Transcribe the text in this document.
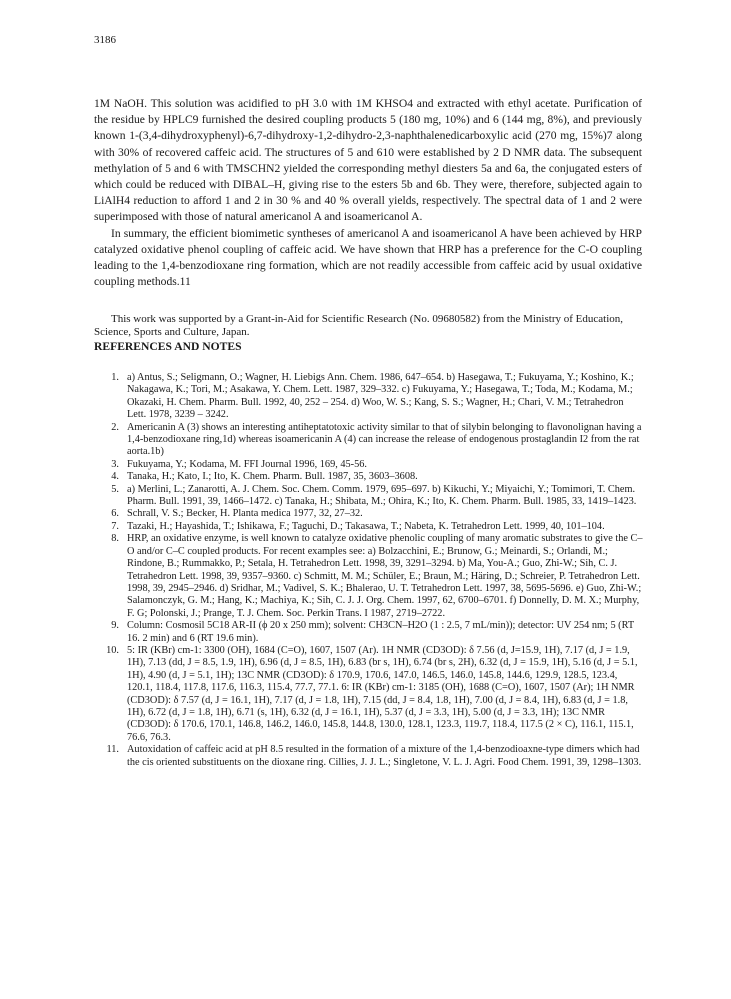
3186

1M NaOH. This solution was acidified to pH 3.0 with 1M KHSO4 and extracted with ethyl acetate. Purification of the residue by HPLC9 furnished the desired coupling products 5 (180 mg, 10%) and 6 (144 mg, 8%), and previously known 1-(3,4-dihydroxyphenyl)-6,7-dihydroxy-1,2-dihydro-2,3-naphthalenedicarboxylic acid (270 mg, 15%)7 along with 30% of recovered caffeic acid. The structures of 5 and 610 were established by 2 D NMR data. The subsequent methylation of 5 and 6 with TMSCHN2 yielded the corresponding methyl diesters 5a and 6a, the conjugated esters of which could be reduced with DIBAL–H, giving rise to the esters 5b and 6b. They were, therefore, subjected again to LiAlH4 reduction to afford 1 and 2 in 30 % and 40 % overall yields, respectively. The spectral data of 1 and 2 were superimposed with those of natural americanol A and isoamericanol A.

In summary, the efficient biomimetic syntheses of americanol A and isoamericanol A have been achieved by HRP catalyzed oxidative phenol coupling of caffeic acid. We have shown that HRP has a preference for the C-O coupling leading to the 1,4-benzodioxane ring formation, which are not readily accessible from caffeic acid by usual oxidative coupling methods.11

This work was supported by a Grant-in-Aid for Scientific Research (No. 09680582) from the Ministry of Education, Science, Sports and Culture, Japan.

REFERENCES AND NOTES
1. a) Antus, S.; Seligmann, O.; Wagner, H. Liebigs Ann. Chem. 1986, 647–654. b) Hasegawa, T.; Fukuyama, Y.; Koshino, K.; Nakagawa, K.; Tori, M.; Asakawa, Y. Chem. Lett. 1987, 329–332. c) Fukuyama, Y.; Hasegawa, T.; Toda, M.; Kodama, M.; Okazaki, H. Chem. Pharm. Bull. 1992, 40, 252 – 254. d) Woo, W. S.; Kang, S. S.; Wagner, H.; Chari, V. M.; Tetrahedron Lett. 1978, 3239 – 3242.
2. Americanin A (3) shows an interesting antiheptatotoxic activity similar to that of silybin belonging to flavonolignan having a 1,4-benzodioxane ring,1d) whereas isoamericanin A (4) can increase the release of endogenous prostaglandin I2 from the rat aorta.1b)
3. Fukuyama, Y.; Kodama, M. FFI Journal 1996, 169, 45-56.
4. Tanaka, H.; Kato, I.; Ito, K. Chem. Pharm. Bull. 1987, 35, 3603–3608.
5. a) Merlini, L.; Zanarotti, A. J. Chem. Soc. Chem. Comm. 1979, 695–697. b) Kikuchi, Y.; Miyaichi, Y.; Tomimori, T. Chem. Pharm. Bull. 1991, 39, 1466–1472. c) Tanaka, H.; Shibata, M.; Ohira, K.; Ito, K. Chem. Pharm. Bull. 1985, 33, 1419–1423.
6. Schrall, V. S.; Becker, H. Planta medica 1977, 32, 27–32.
7. Tazaki, H.; Hayashida, T.; Ishikawa, F.; Taguchi, D.; Takasawa, T.; Nabeta, K. Tetrahedron Lett. 1999, 40, 101–104.
8. HRP, an oxidative enzyme, is well known to catalyze oxidative phenolic coupling of many aromatic substrates to give the C–O and/or C–C coupled products. For recent examples see: a) Bolzacchini, E.; Brunow, G.; Meinardi, S.; Orlandi, M.; Rindone, B.; Rummakko, P.; Setala, H. Tetrahedron Lett. 1998, 39, 3291–3294. b) Ma, You-A.; Guo, Zhi-W.; Sih, C. J. Tetrahedron Lett. 1998, 39, 9357–9360. c) Schmitt, M. M.; Schüler, E.; Braun, M.; Häring, D.; Schreier, P. Tetrahedron Lett. 1998, 39, 2945–2946. d) Sridhar, M.; Vadivel, S. K.; Bhalerao, U. T. Tetrahedron Lett. 1997, 38, 5695-5696. e) Guo, Zhi-W.; Salamonczyk, G. M.; Hang, K.; Machiya, K.; Sih, C. J. J. Org. Chem. 1997, 62, 6700–6701. f) Donnelly, D. M. X.; Murphy, F. G; Polonski, J.; Prange, T. J. Chem. Soc. Perkin Trans. I 1987, 2719–2722.
9. Column: Cosmosil 5C18 AR-II (ϕ 20 x 250 mm); solvent: CH3CN–H2O (1 : 2.5, 7 mL/min)); detector: UV 254 nm; 5 (RT 16. 2 min) and 6 (RT 19.6 min).
10. 5: IR (KBr) cm-1: 3300 (OH), 1684 (C=O), 1607, 1507 (Ar). 1H NMR (CD3OD): δ 7.56 (d, J=15.9, 1H), 7.17 (d, J = 1.9, 1H), 7.13 (dd, J = 8.5, 1.9, 1H), 6.96 (d, J = 8.5, 1H), 6.83 (br s, 1H), 6.74 (br s, 2H), 6.32 (d, J = 15.9, 1H), 5.16 (d, J = 5.1, 1H), 4.90 (d, J = 5.1, 1H); 13C NMR (CD3OD): δ 170.9, 170.6, 147.0, 146.5, 146.0, 145.8, 144.6, 129.9, 128.5, 123.4, 120.1, 118.4, 117.8, 117.6, 116.3, 115.4, 77.7, 77.1. 6: IR (KBr) cm-1: 3185 (OH), 1688 (C=O), 1607, 1507 (Ar); 1H NMR (CD3OD): δ 7.57 (d, J = 16.1, 1H), 7.17 (d, J = 1.8, 1H), 7.15 (dd, J = 8.4, 1.8, 1H), 7.00 (d, J = 8.4, 1H), 6.83 (d, J = 1.8, 1H), 6.72 (d, J = 1.8, 1H), 6.71 (s, 1H), 6.32 (d, J = 16.1, 1H), 5.37 (d, J = 3.3, 1H), 5.00 (d, J = 3.3, 1H); 13C NMR (CD3OD): δ 170.6, 170.1, 146.8, 146.2, 146.0, 145.8, 144.8, 130.0, 128.1, 123.3, 119.7, 118.4, 117.5 (2 × C), 116.1, 115.1, 76.6, 76.3.
11. Autoxidation of caffeic acid at pH 8.5 resulted in the formation of a mixture of the 1,4-benzodioaxne-type dimers which had the cis oriented substituents on the dioxane ring. Cillies, J. J. L.; Singletone, V. L. J. Agri. Food Chem. 1991, 39, 1298–1303.
